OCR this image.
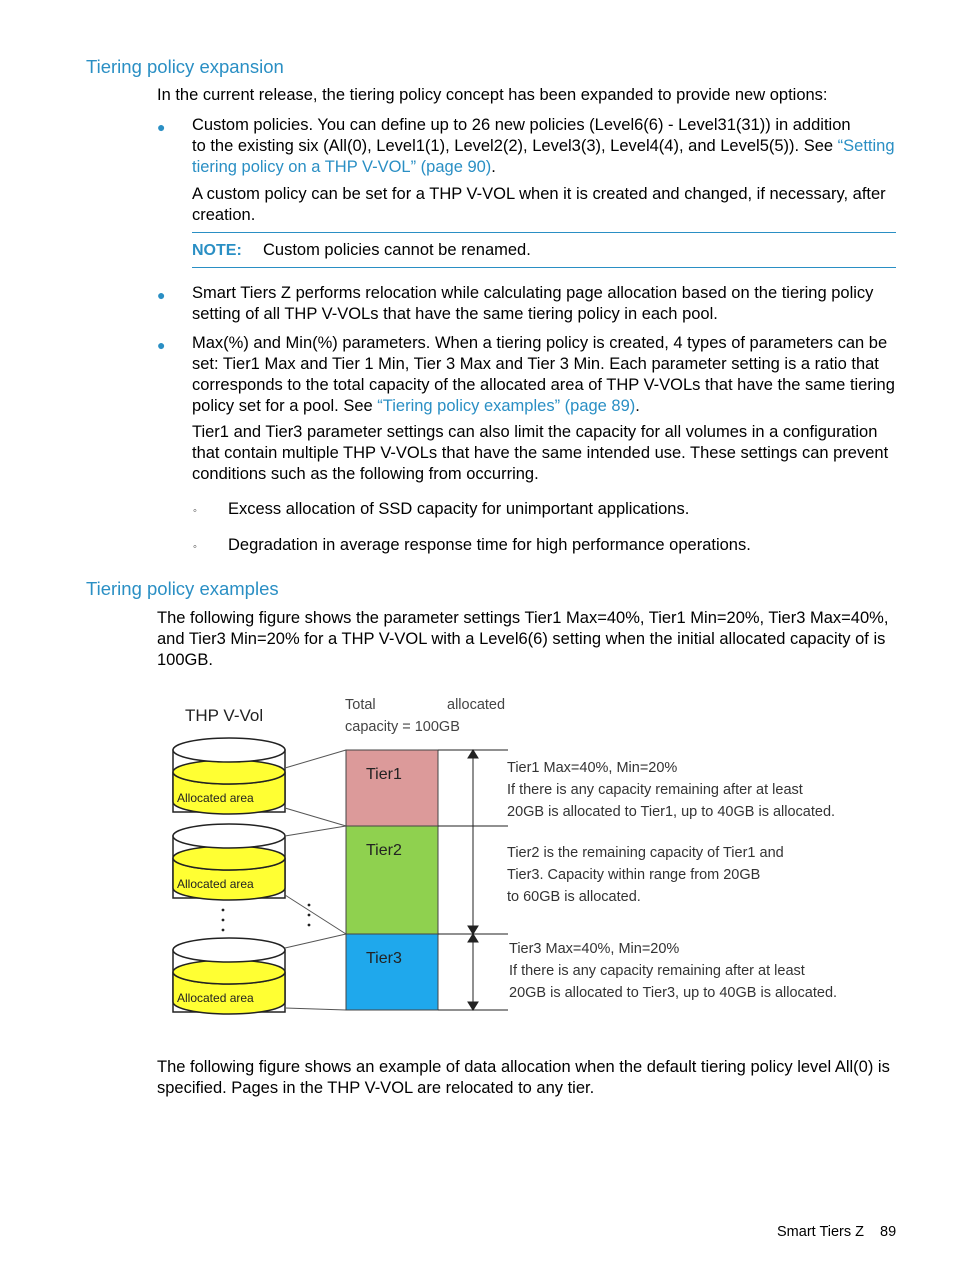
Tiering policy expansion

In the current release, the tiering policy concept has been expanded to provide new options:

● Custom policies. You can define up to 26 new policies (Level6(6) - Level31(31)) in addition
to the existing six (All(0), Level1(1), Level2(2), Level3(3), Level4(4), and Level5(5)). See “Setting
tiering policy on a THP V-VOL” (page 90).

A custom policy can be set for a THP V-VOL when it is created and changed, if necessary, after creation.

NOTE: Custom policies cannot be renamed.
● Smart Tiers Z performs relocation while calculating page allocation based on the tiering policy setting of all THP V-VOLs that have the same tiering policy in each pool.

● Max(%) and Min(%) parameters. When a tiering policy is created, 4 types of parameters can be set: Tier1 Max and Tier 1 Min, Tier 3 Max and Tier 3 Min. Each parameter setting is a ratio that corresponds to the total capacity of the allocated area of THP V-VOLs that have the same tiering policy set for a pool. See “Tiering policy examples” (page 89).

Tier1 and Tier3 parameter settings can also limit the capacity for all volumes in a configuration that contain multiple THP V-VOLs that have the same intended use. These settings can prevent conditions such as the following from occurring.

◦ Excess allocation of SSD capacity for unimportant applications.

◦ Degradation in average response time for high performance operations.

Tiering policy examples

The following figure shows the parameter settings Tier1 Max=40%, Tier1 Min=20%, Tier3 Max=40%, and Tier3 Min=20% for a THP V-VOL with a Level6(6) setting when the initial allocated capacity of is 100GB.

THP V-Vol
Total	allocated
capacity = 100GB
Allocated area
Allocated area
Allocated area
Tier1
Tier2
Tier3
Tier1 Max=40%, Min=20%
If there is any capacity remaining after at least
20GB is allocated to Tier1, up to 40GB is allocated.
Tier2 is the remaining capacity of Tier1 and
Tier3. Capacity within range from 20GB
to 60GB is allocated.
Tier3 Max=40%, Min=20%
If there is any capacity remaining after at least
20GB is allocated to Tier3, up to 40GB is allocated.

The following figure shows an example of data allocation when the default tiering policy level All(0) is specified. Pages in the THP V-VOL are relocated to any tier.

Smart Tiers Z 89
